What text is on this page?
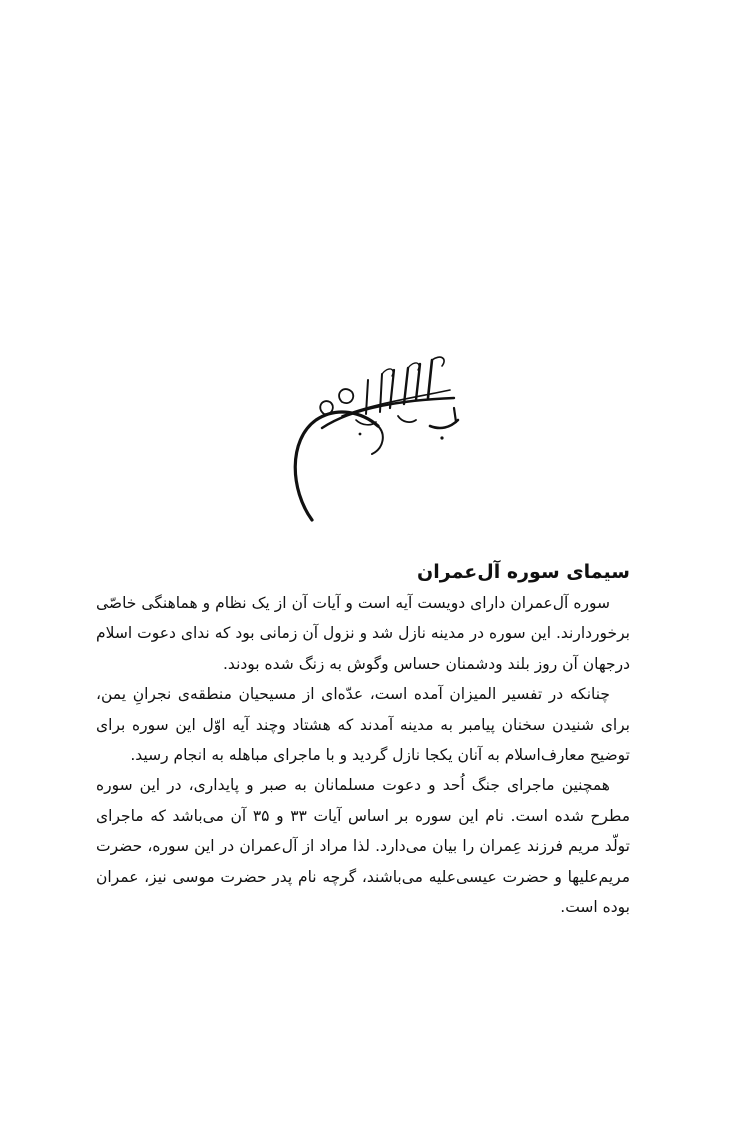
سیمای سوره آل‌عمران

سوره آل‌عمران دارای دویست آیه است و آیات آن از یک نظام و هماهنگی خاصّی برخوردارند. این سوره در مدینه نازل شد و نزول آن زمانی بود که ندای دعوت اسلام درجهان آن روز بلند ودشمنان حساس وگوش به زنگ شده بودند.

چنانکه در تفسیر المیزان آمده است، عدّه‌ای از مسیحیان منطقه‌ی نجرانِ یمن، برای شنیدن سخنان پیامبر به مدینه آمدند که هشتاد وچند آیه اوّل این سوره برای توضیح معارف‌اسلام به آنان یکجا نازل گردید و با ماجرای مباهله به انجام رسید.

همچنین ماجرای جنگ اُحد و دعوت مسلمانان به صبر و پایداری، در این سوره مطرح شده است. نام این سوره بر اساس آیات ۳۳ و ۳۵ آن می‌باشد که ماجرای تولّد مریم فرزند عِمران را بیان می‌دارد. لذا مراد از آل‌عمران در این سوره، حضرت مریم‌علیها و حضرت عیسی‌علیه می‌باشند، گرچه نام پدر حضرت موسی نیز، عمران بوده است.
